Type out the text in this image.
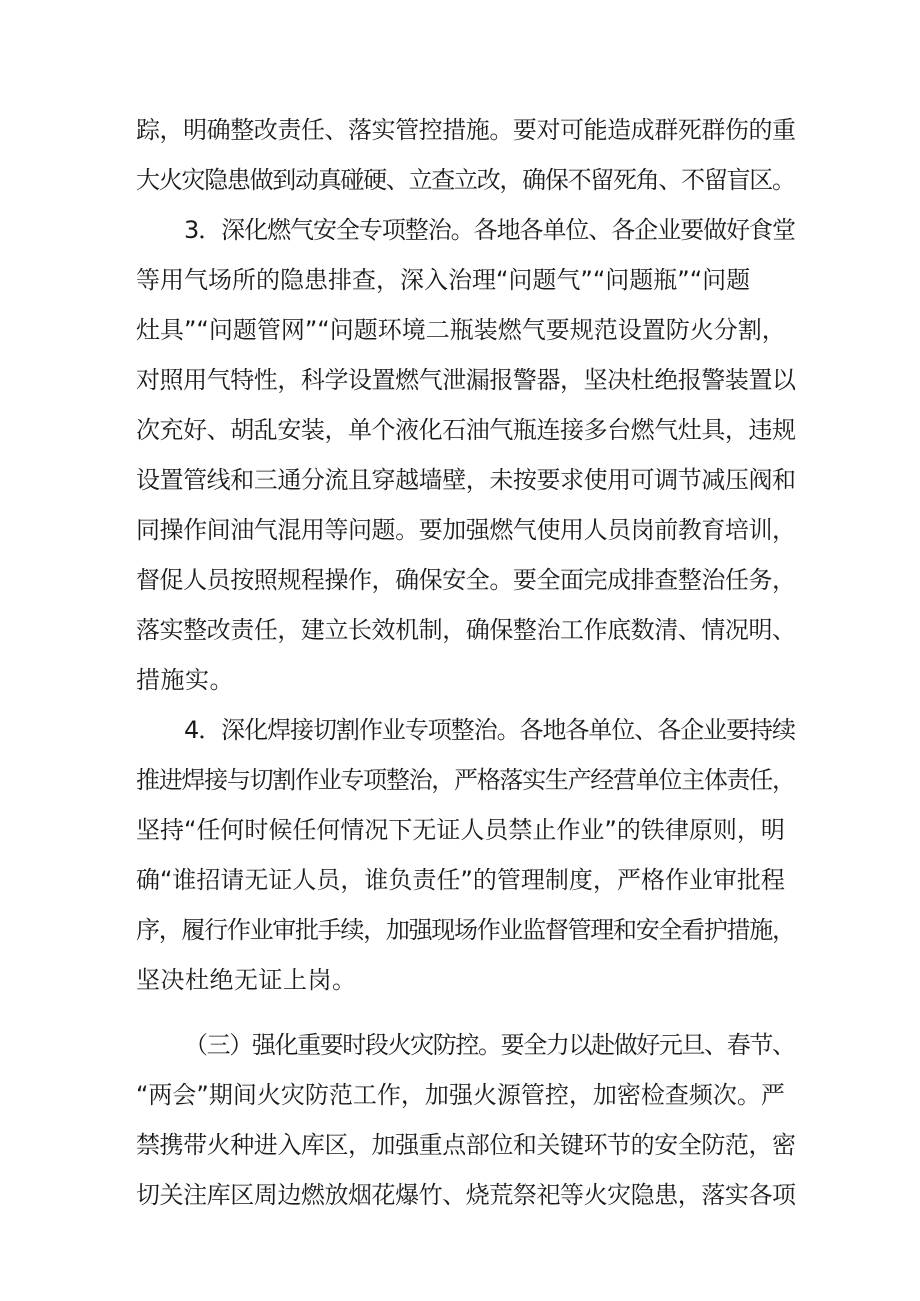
踪，明确整改责任、落实管控措施。要对可能造成群死群伤的重
大火灾隐患做到动真碰硬、立查立改，确保不留死角、不留盲区。
3．深化燃气安全专项整治。各地各单位、各企业要做好食堂
等用气场所的隐患排查，深入治理“问题气”“问题瓶”“问题
灶具”“问题管网”“问题环境二瓶装燃气要规范设置防火分割，
对照用气特性，科学设置燃气泄漏报警器，坚决杜绝报警装置以
次充好、胡乱安装，单个液化石油气瓶连接多台燃气灶具，违规
设置管线和三通分流且穿越墙壁，未按要求使用可调节减压阀和
同操作间油气混用等问题。要加强燃气使用人员岗前教育培训，
督促人员按照规程操作，确保安全。要全面完成排查整治任务，
落实整改责任，建立长效机制，确保整治工作底数清、情况明、
措施实。
4．深化焊接切割作业专项整治。各地各单位、各企业要持续
推进焊接与切割作业专项整治，严格落实生产经营单位主体责任，
坚持“任何时候任何情况下无证人员禁止作业”的铁律原则，明
确“谁招请无证人员，谁负责任”的管理制度，严格作业审批程
序，履行作业审批手续，加强现场作业监督管理和安全看护措施，
坚决杜绝无证上岗。
（三）强化重要时段火灾防控。要全力以赴做好元旦、春节、
“两会”期间火灾防范工作，加强火源管控，加密检查频次。严
禁携带火种进入库区，加强重点部位和关键环节的安全防范，密
切关注库区周边燃放烟花爆竹、烧荒祭祀等火灾隐患，落实各项
